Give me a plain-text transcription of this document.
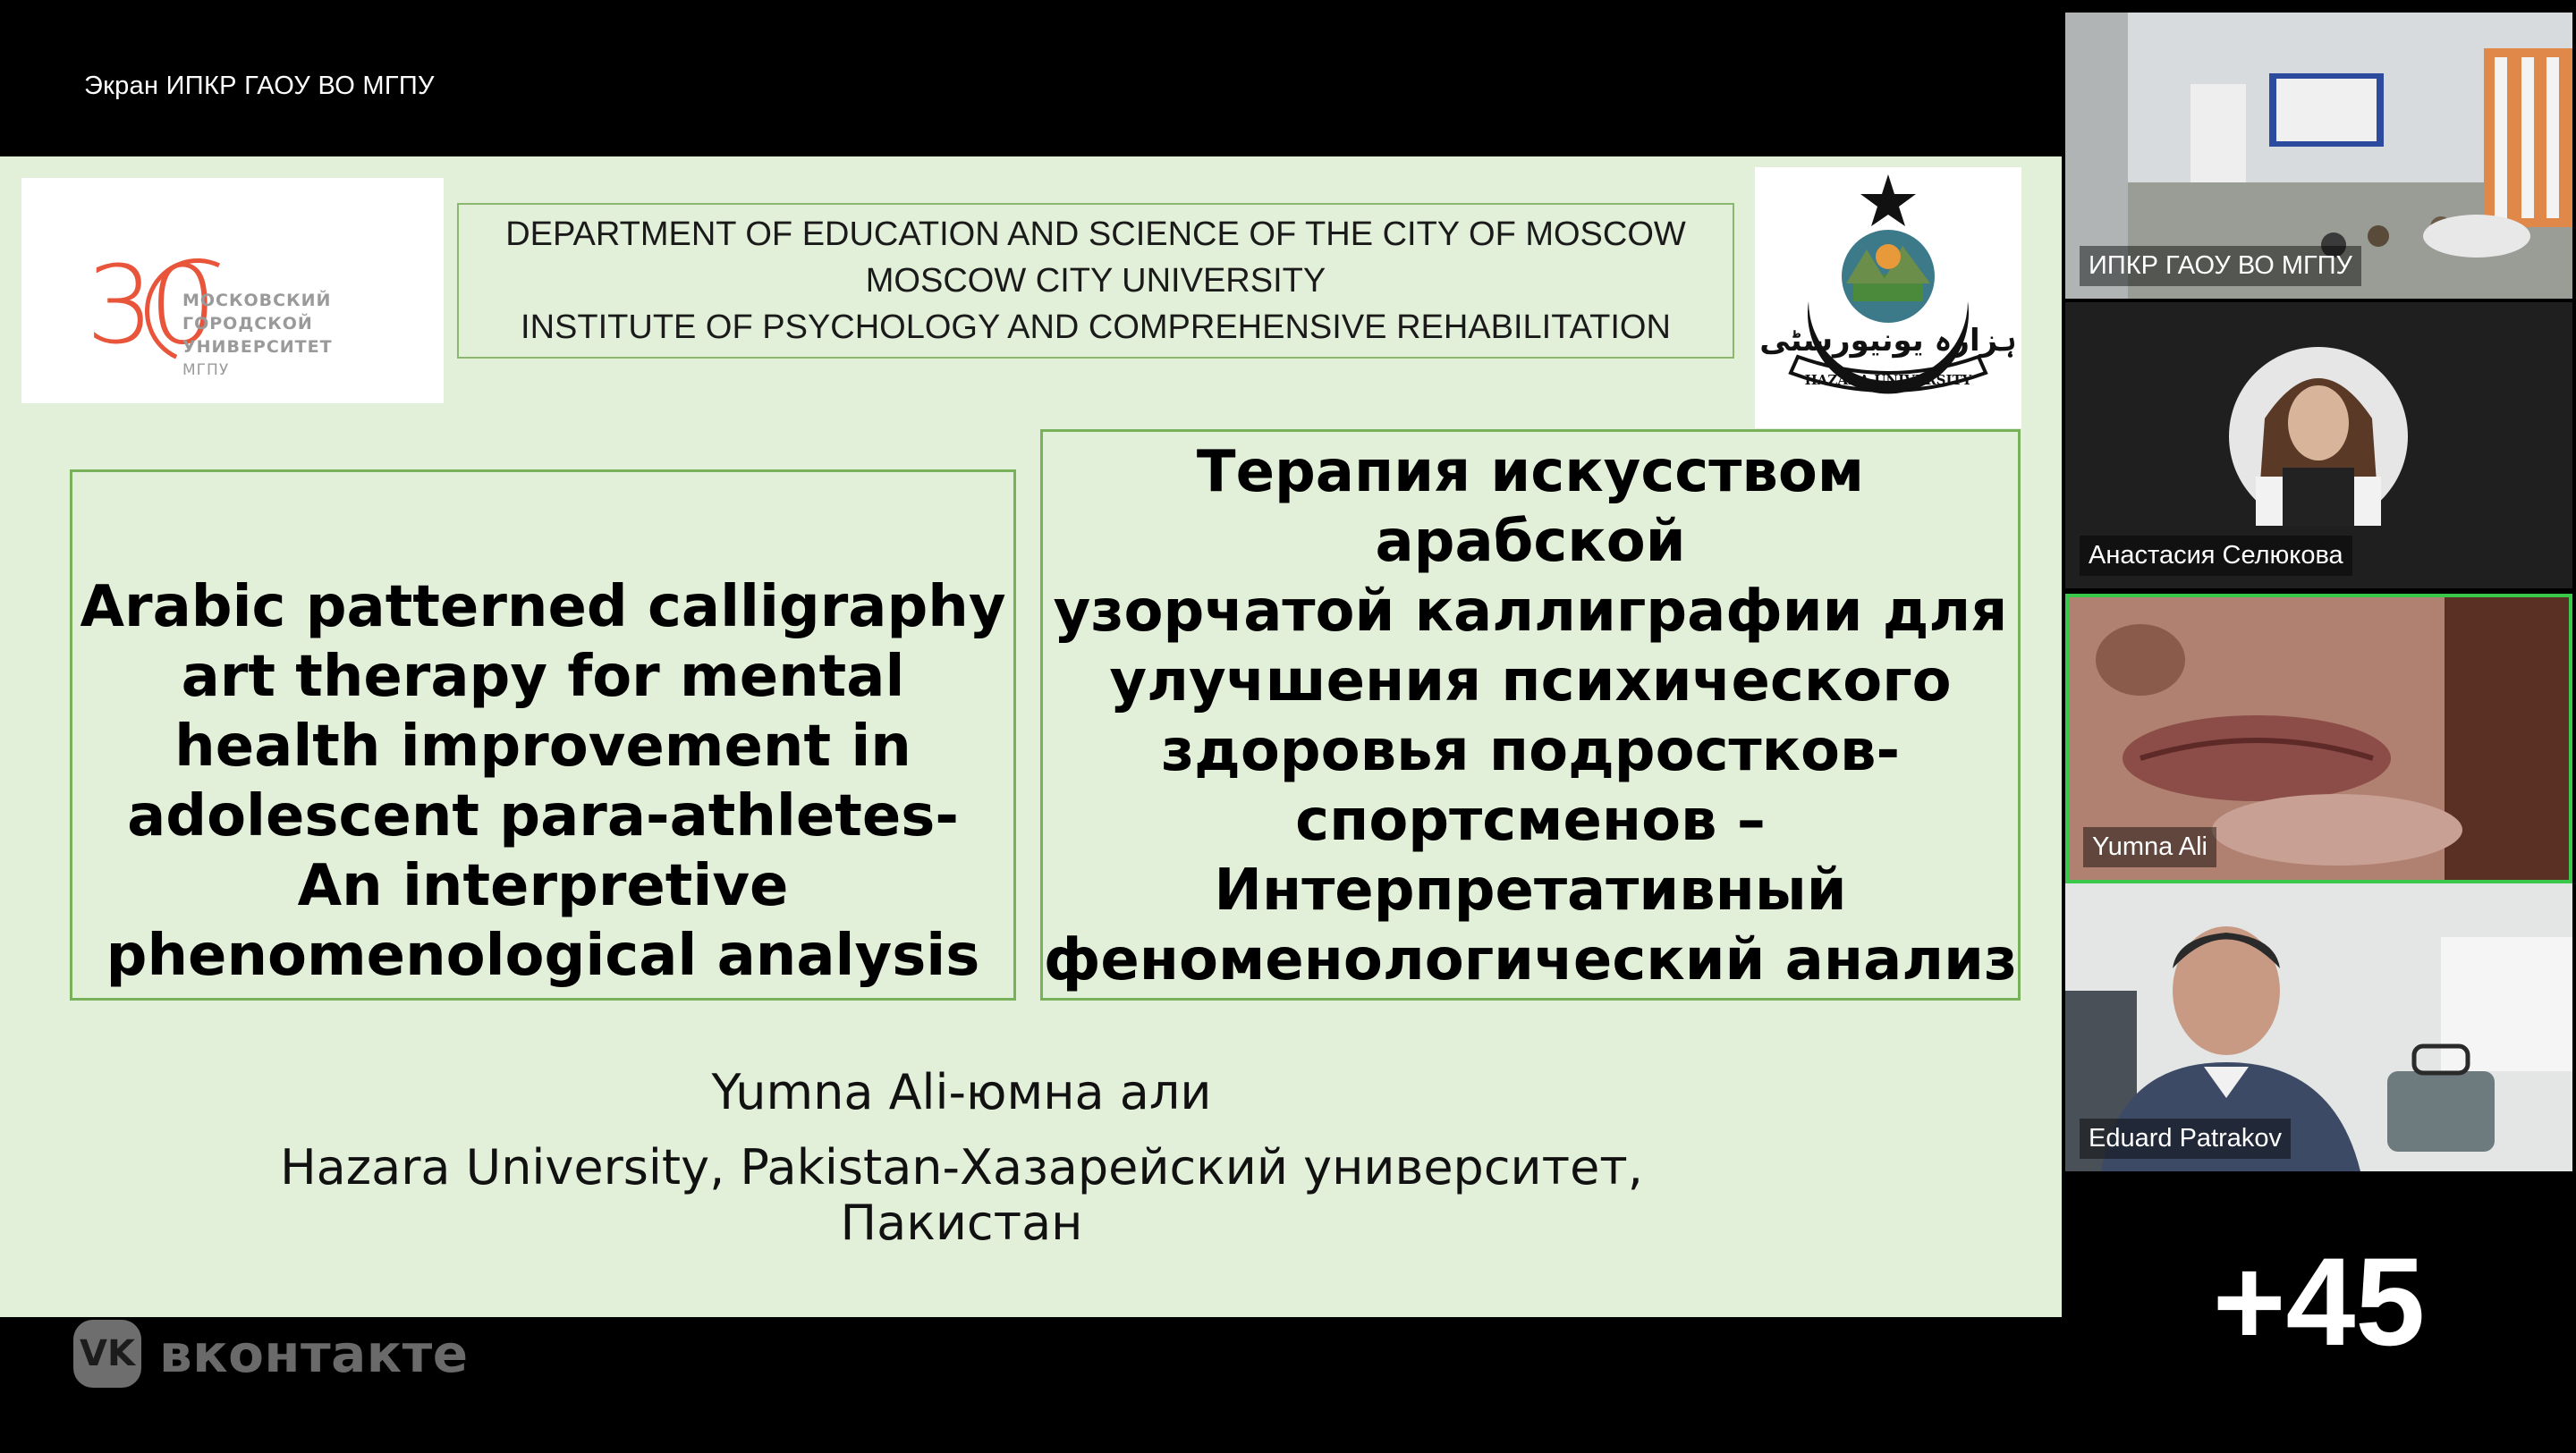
Экран ИПКР ГАОУ ВО МГПУ
30
МОСКОВСКИЙ
ГОРОДСКОЙ
УНИВЕРСИТЕТ
МГПУ
DEPARTMENT OF EDUCATION AND SCIENCE OF THE CITY OF MOSCOW
MOSCOW CITY UNIVERSITY
INSTITUTE OF PSYCHOLOGY AND COMPREHENSIVE REHABILITATION
HAZARA UNIVERSITY
ہزارہ یونیورسٹی
Arabic patterned calligraphy
art therapy for mental
health improvement in
adolescent para-athletes-
An interpretive
phenomenological analysis
Терапия искусством
арабской
узорчатой каллиграфии для
улучшения психического
здоровья подростков-
спортсменов –
Интерпретативный
феноменологический анализ
Yumna Ali-юмна али
Hazara University, Pakistan-Хазарейский университет,
Пакистан
VK вконтакте
ИПКР ГАОУ ВО МГПУ
Анастасия Селюкова
Yumna Ali
Eduard Patrakov
+45
